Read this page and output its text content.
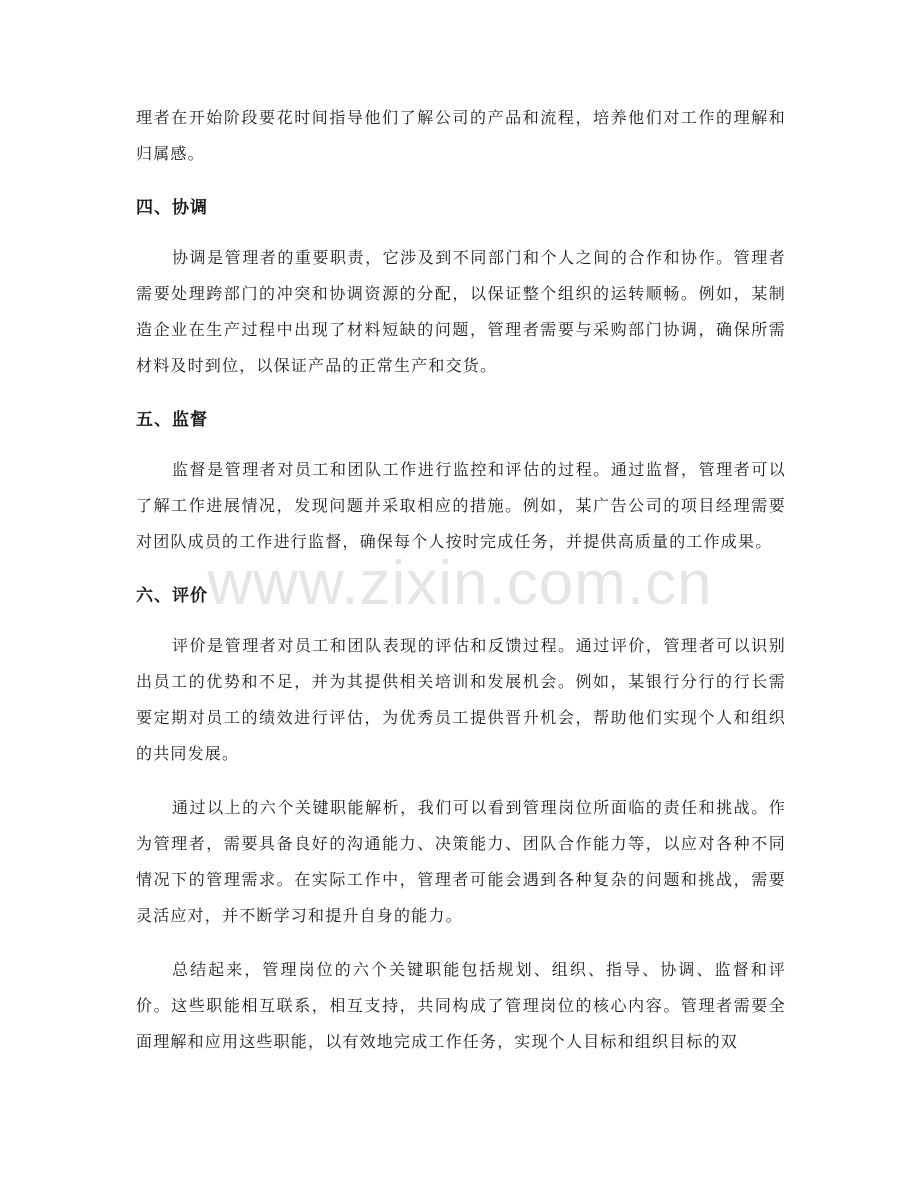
理者在开始阶段要花时间指导他们了解公司的产品和流程，培养他们对工作的理解和归属感。

四、协调

协调是管理者的重要职责，它涉及到不同部门和个人之间的合作和协作。管理者需要处理跨部门的冲突和协调资源的分配，以保证整个组织的运转顺畅。例如，某制造企业在生产过程中出现了材料短缺的问题，管理者需要与采购部门协调，确保所需材料及时到位，以保证产品的正常生产和交货。

五、监督

监督是管理者对员工和团队工作进行监控和评估的过程。通过监督，管理者可以了解工作进展情况，发现问题并采取相应的措施。例如，某广告公司的项目经理需要对团队成员的工作进行监督，确保每个人按时完成任务，并提供高质量的工作成果。

六、评价

评价是管理者对员工和团队表现的评估和反馈过程。通过评价，管理者可以识别出员工的优势和不足，并为其提供相关培训和发展机会。例如，某银行分行的行长需要定期对员工的绩效进行评估，为优秀员工提供晋升机会，帮助他们实现个人和组织的共同发展。

通过以上的六个关键职能解析，我们可以看到管理岗位所面临的责任和挑战。作为管理者，需要具备良好的沟通能力、决策能力、团队合作能力等，以应对各种不同情况下的管理需求。在实际工作中，管理者可能会遇到各种复杂的问题和挑战，需要灵活应对，并不断学习和提升自身的能力。

总结起来，管理岗位的六个关键职能包括规划、组织、指导、协调、监督和评价。这些职能相互联系，相互支持，共同构成了管理岗位的核心内容。管理者需要全面理解和应用这些职能，以有效地完成工作任务，实现个人目标和组织目标的双

www.zixin.com.cn
